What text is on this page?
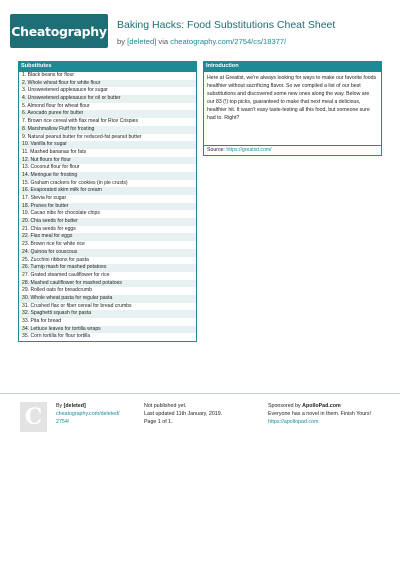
Cheatography Baking Hacks: Food Substitutions Cheat Sheet
by [deleted] via cheatography.com/2754/cs/18377/
Substitutes
1. Black beans for flour
2. Whole wheat flour for white flour
3. Unsweetened applesauce for sugar
4. Unsweetened applesauce for oil or butter
5. Almond flour for wheat flour
6. Avocado puree for butter
7. Brown rice cereal with flax meal for Rice Crispies
8. Marshmallow Fluff for frosting
9. Natural peanut butter for reduced-fat peanut butter
10. Vanilla for sugar
11. Mashed bananas for fats
12. Nut flours for flour
13. Coconut flour for flour
14. Meringue for frosting
15. Graham crackers for cookies (in pie crusts)
16. Evaporated skim milk for cream
17. Stevia for sugar
18. Prunes for butter
19. Cacao nibs for chocolate chips
20. Chia seeds for butter
21. Chia seeds for eggs
22. Flax meal for eggs
23. Brown rice for white rice
24. Quinoa for couscous
25. Zucchini ribbons for pasta
26. Turnip mash for mashed potatoes
27. Grated steamed cauliflower for rice
28. Mashed cauliflower for mashed potatoes
29. Rolled oats for breadcrumb
30. Whole wheat pasta for regular pasta
31. Crushed flax or fiber cereal for bread crumbs
32. Spaghetti squash for pasta
33. Pita for bread
34. Lettuce leaves for tortilla wraps
35. Corn tortilla for flour tortilla
Introduction

Here at Greatist, we're always looking for ways to make our favorite foods healthier without sacrificing flavor. So we compiled a list of our best substitutions and discovered some new ones along the way. Below are our 83 (!) top picks, guaranteed to make that next meal a delicious, healthier hit. It wasn't easy taste-testing all this food, but someone sure had to. Right?

Source: https://greatist.com/
C	By [deleted]
cheatography.com/deleted/
2754/
Not published yet.
Last updated 11th January, 2019.
Page 1 of 1.
Sponsored by ApolloPad.com
Everyone has a novel in them. Finish Yours!
https://apollopad.com
